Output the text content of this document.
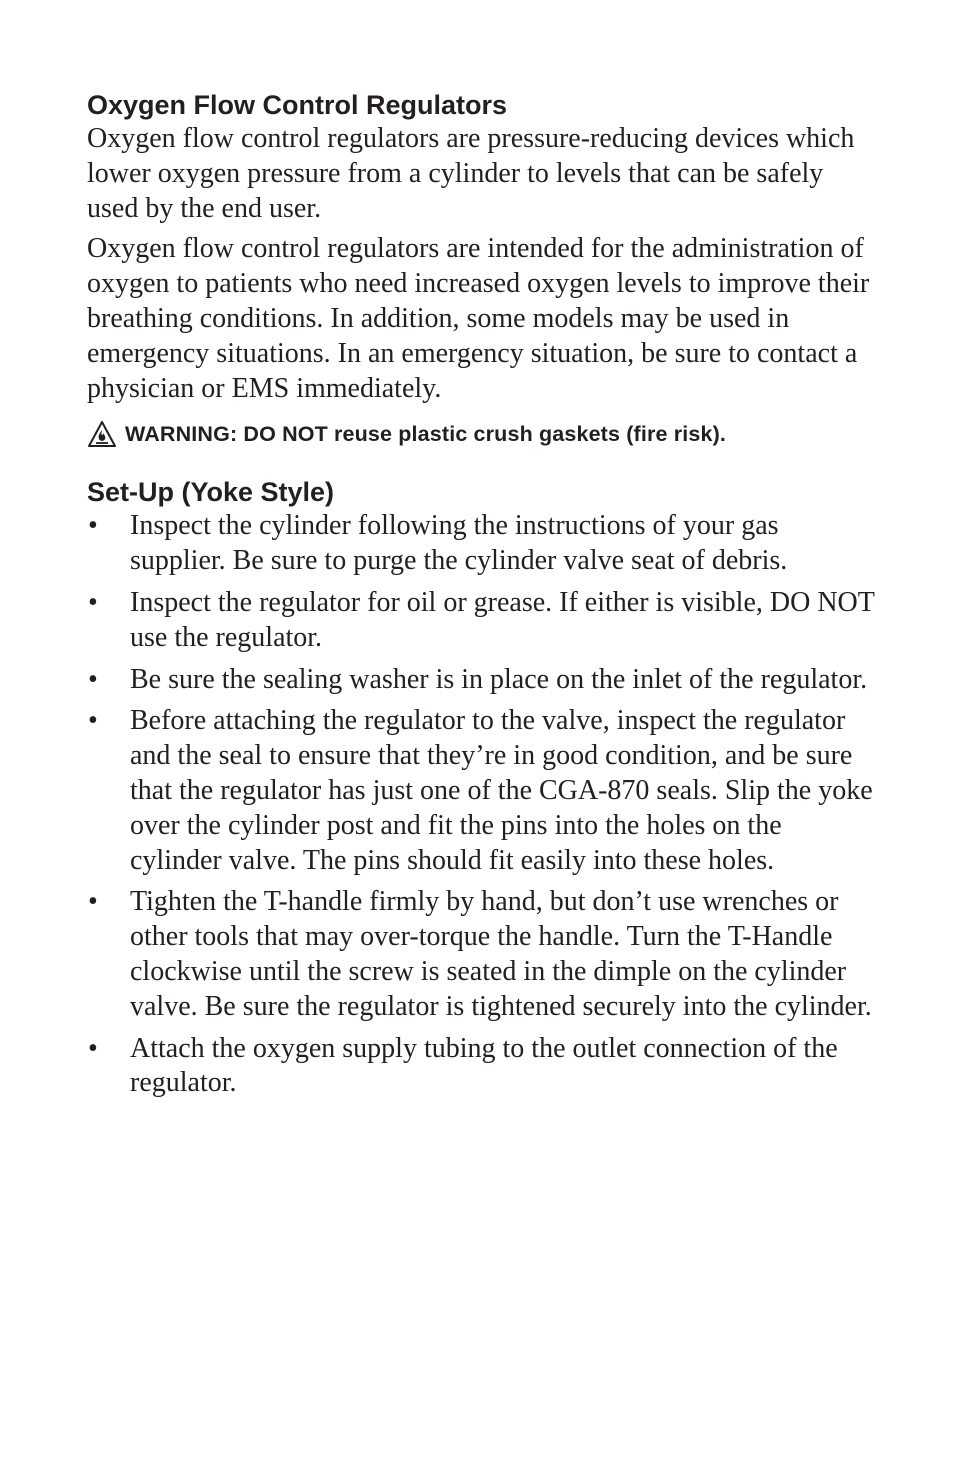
Oxygen Flow Control Regulators

Oxygen flow control regulators are pressure-reducing devices which lower oxygen pressure from a cylinder to levels that can be safely used by the end user.

Oxygen flow control regulators are intended for the administration of oxygen to patients who need increased oxygen levels to improve their breathing conditions. In addition, some models may be used in emergency situations. In an emergency situation, be sure to contact a physician or EMS immediately.

WARNING: DO NOT reuse plastic crush gaskets (fire risk).
Set-Up (Yoke Style)
• Inspect the cylinder following the instructions of your gas supplier. Be sure to purge the cylinder valve seat of debris.

• Inspect the regulator for oil or grease. If either is visible, DO NOT use the regulator.

• Be sure the sealing washer is in place on the inlet of the regulator.

• Before attaching the regulator to the valve, inspect the regulator and the seal to ensure that they’re in good condition, and be sure that the regulator has just one of the CGA-870 seals. Slip the yoke over the cylinder post and fit the pins into the holes on the cylinder valve. The pins should fit easily into these holes.

• Tighten the T-handle firmly by hand, but don’t use wrenches or other tools that may over-torque the handle. Turn the T-Handle clockwise until the screw is seated in the dimple on the cylinder valve. Be sure the regulator is tightened securely into the cylinder.

• Attach the oxygen supply tubing to the outlet connection of the regulator.
